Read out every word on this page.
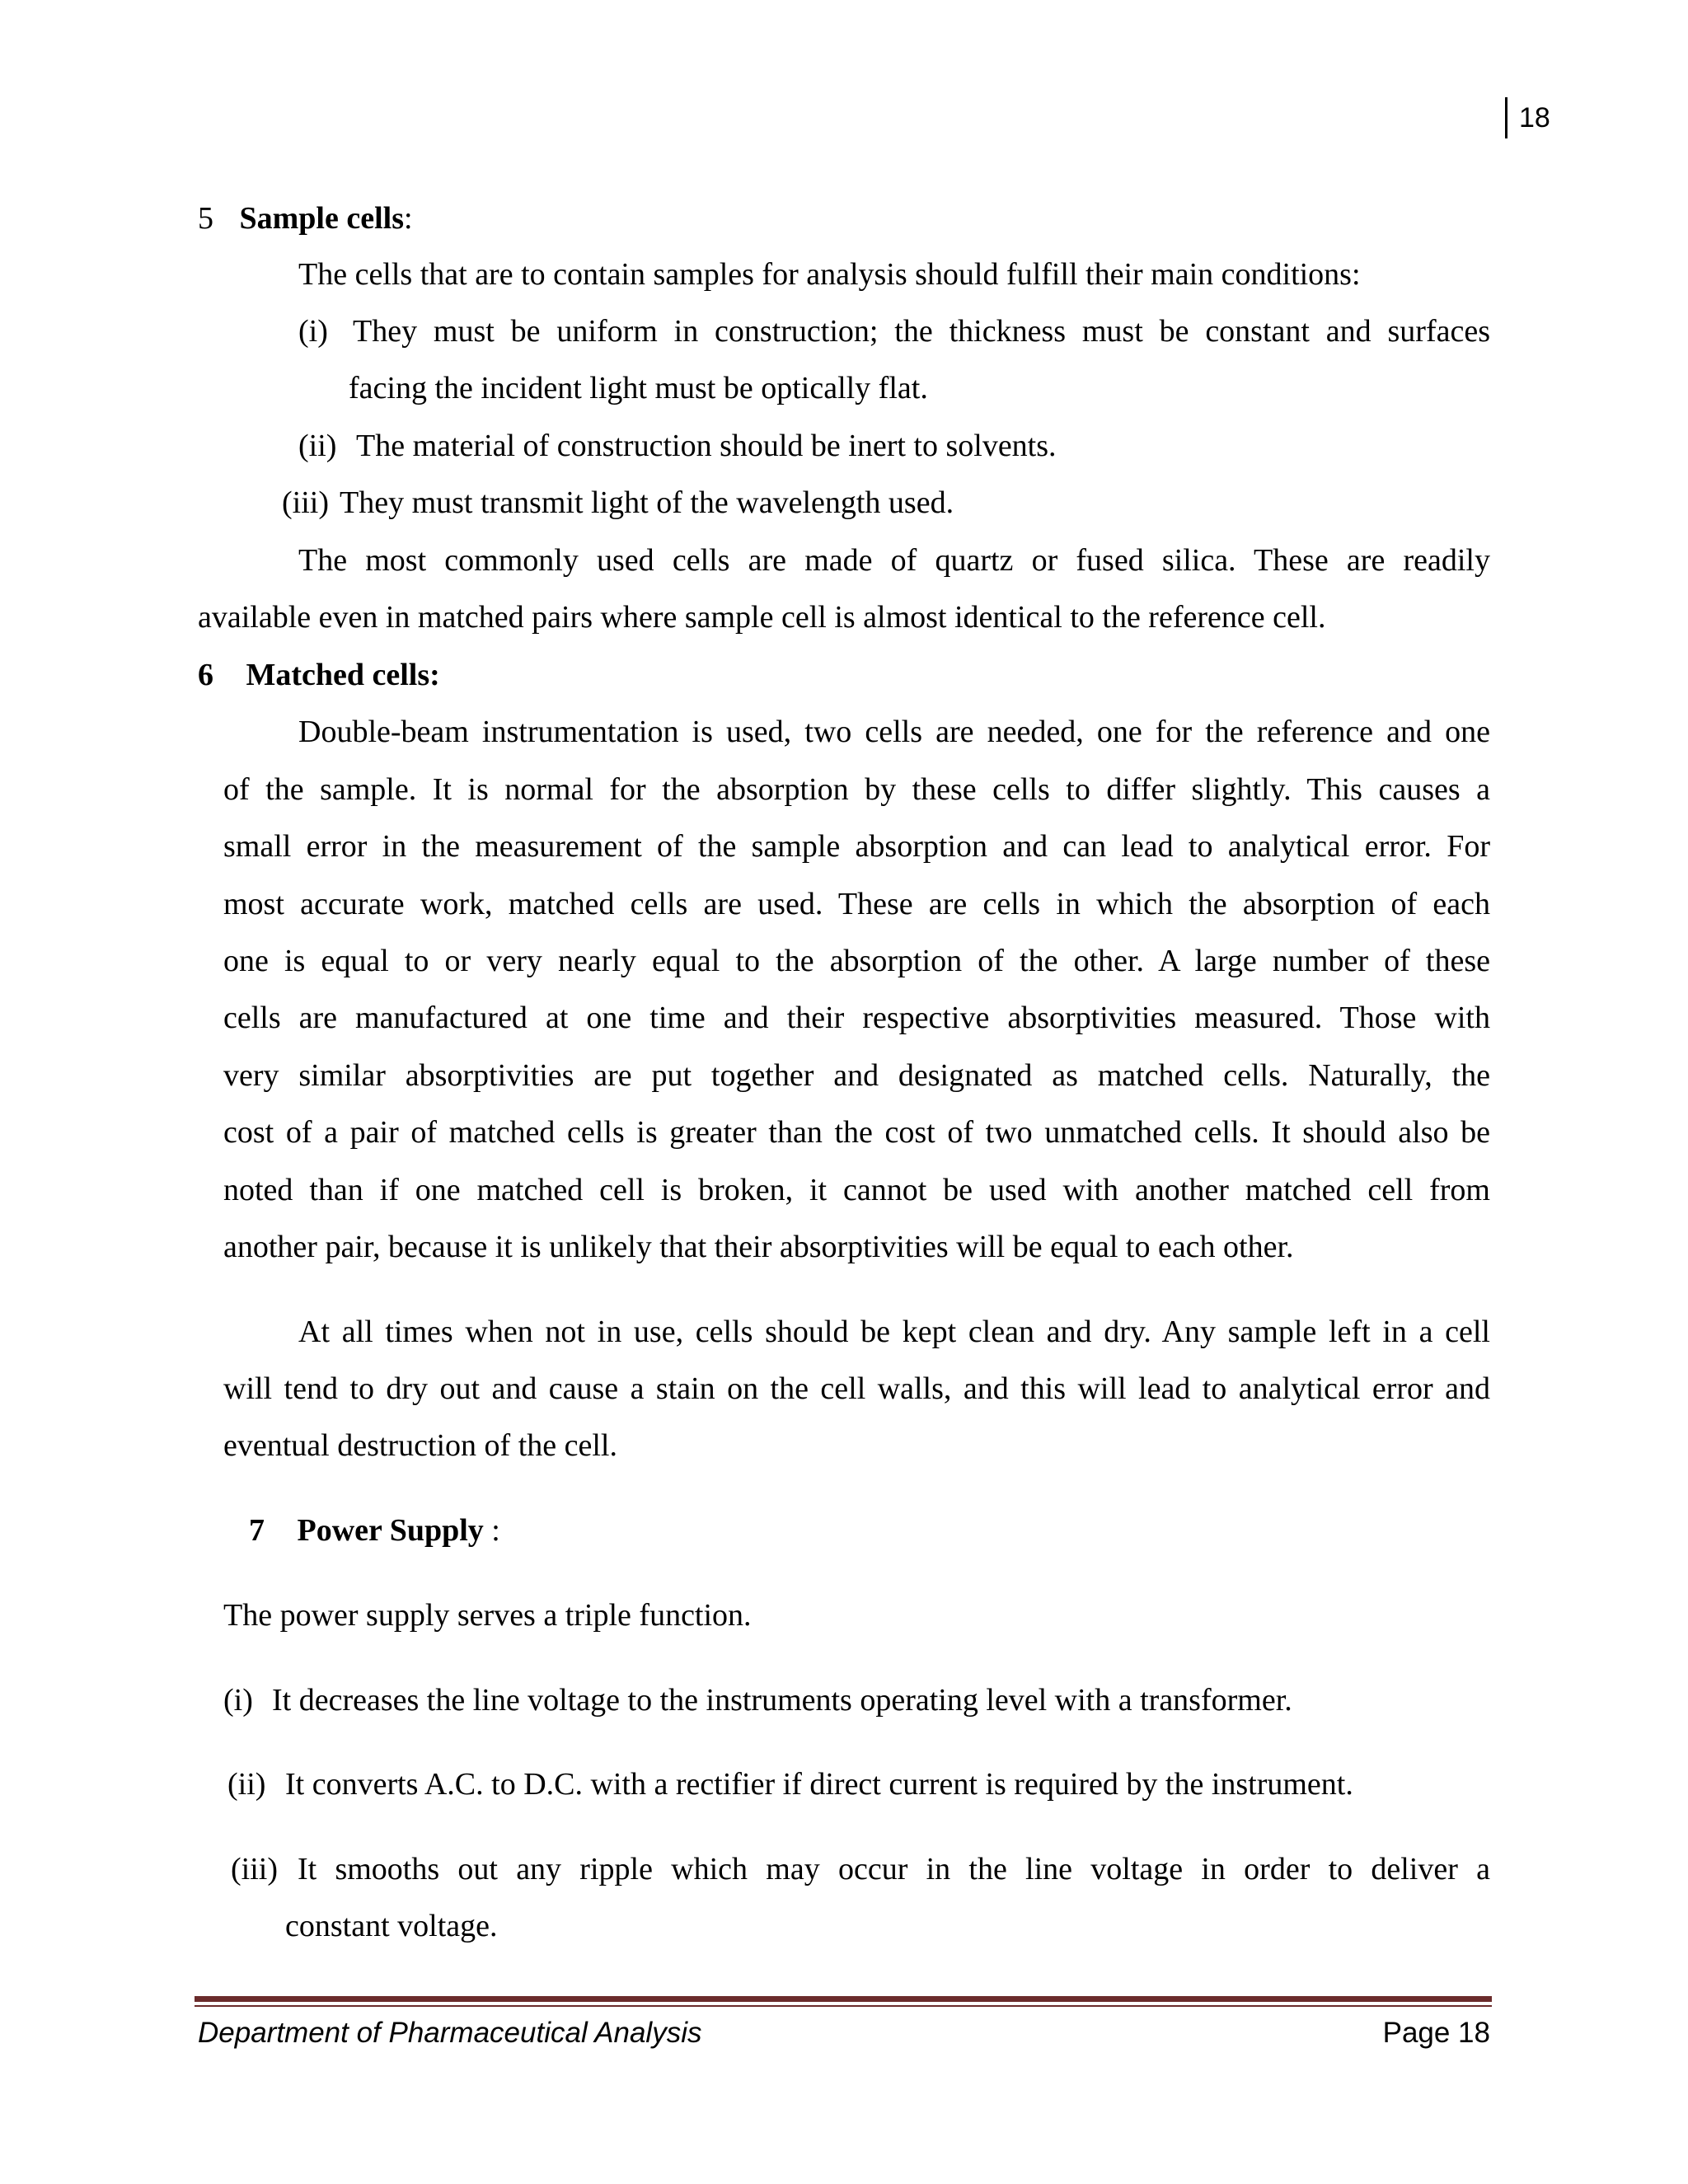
18
5 Sample cells:
The cells that are to contain samples for analysis should fulfill their main conditions:
(i) They must be uniform in construction; the thickness must be constant and surfaces
facing the incident light must be optically flat.
(ii) The material of construction should be inert to solvents.
(iii) They must transmit light of the wavelength used.
The most commonly used cells are made of quartz or fused silica. These are readily
available even in matched pairs where sample cell is almost identical to the reference cell.
6 Matched cells:
Double-beam instrumentation is used, two cells are needed, one for the reference and one
of the sample. It is normal for the absorption by these cells to differ slightly. This causes a
small error in the measurement of the sample absorption and can lead to analytical error. For
most accurate work, matched cells are used. These are cells in which the absorption of each
one is equal to or very nearly equal to the absorption of the other. A large number of these
cells are manufactured at one time and their respective absorptivities measured. Those with
very similar absorptivities are put together and designated as matched cells. Naturally, the
cost of a pair of matched cells is greater than the cost of two unmatched cells. It should also be
noted than if one matched cell is broken, it cannot be used with another matched cell from
another pair, because it is unlikely that their absorptivities will be equal to each other.
At all times when not in use, cells should be kept clean and dry. Any sample left in a cell
will tend to dry out and cause a stain on the cell walls, and this will lead to analytical error and
eventual destruction of the cell.
7 Power Supply :
The power supply serves a triple function.
(i) It decreases the line voltage to the instruments operating level with a transformer.
(ii) It converts A.C. to D.C. with a rectifier if direct current is required by the instrument.
(iii) It smooths out any ripple which may occur in the line voltage in order to deliver a
constant voltage.
Department of Pharmaceutical Analysis	Page 18
